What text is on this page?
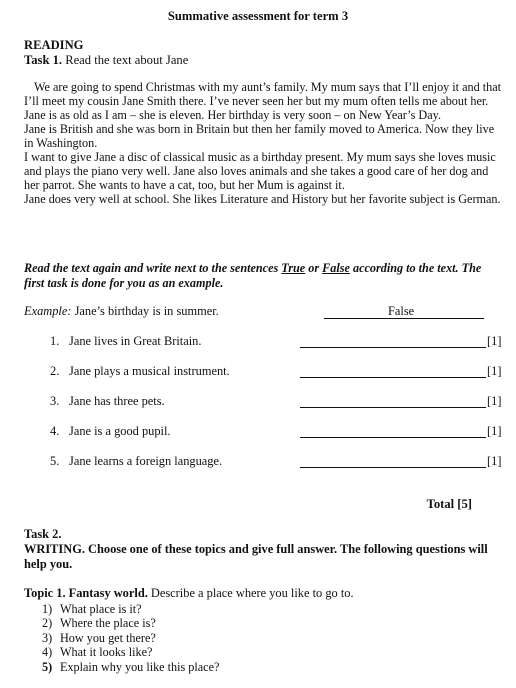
Summative assessment for term 3
READING
Task 1. Read the text about Jane

We are going to spend Christmas with my aunt’s family. My mum says that I’ll enjoy it and that I’ll meet my cousin Jane Smith there. I’ve never seen her but my mum often tells me about her. Jane is as old as I am – she is eleven. Her birthday is very soon – on New Year’s Day.

Jane is British and she was born in Britain but then her family moved to America. Now they live in Washington.

I want to give Jane a disc of classical music as a birthday present. My mum says she loves music and plays the piano very well. Jane also loves animals and she takes a good care of her dog and her parrot. She wants to have a cat, too, but her Mum is against it.

Jane does very well at school. She likes Literature and History but her favorite subject is German.

Read the text again and write next to the sentences True or False according to the text. The first task is done for you as an example.
Example: Jane’s birthday is in summer.	False
1. Jane lives in Great Britain.	[1]
2. Jane plays a musical instrument.	[1]
3. Jane has three pets.	[1]
4. Jane is a good pupil.	[1]
5. Jane learns a foreign language.	[1]
Total [5]
Task 2.
WRITING. Choose one of these topics and give full answer. The following questions will help you.
Topic 1. Fantasy world. Describe a place where you like to go to.
1) What place is it?
2) Where the place is?
3) How you get there?
4) What it looks like?
5) Explain why you like this place?
